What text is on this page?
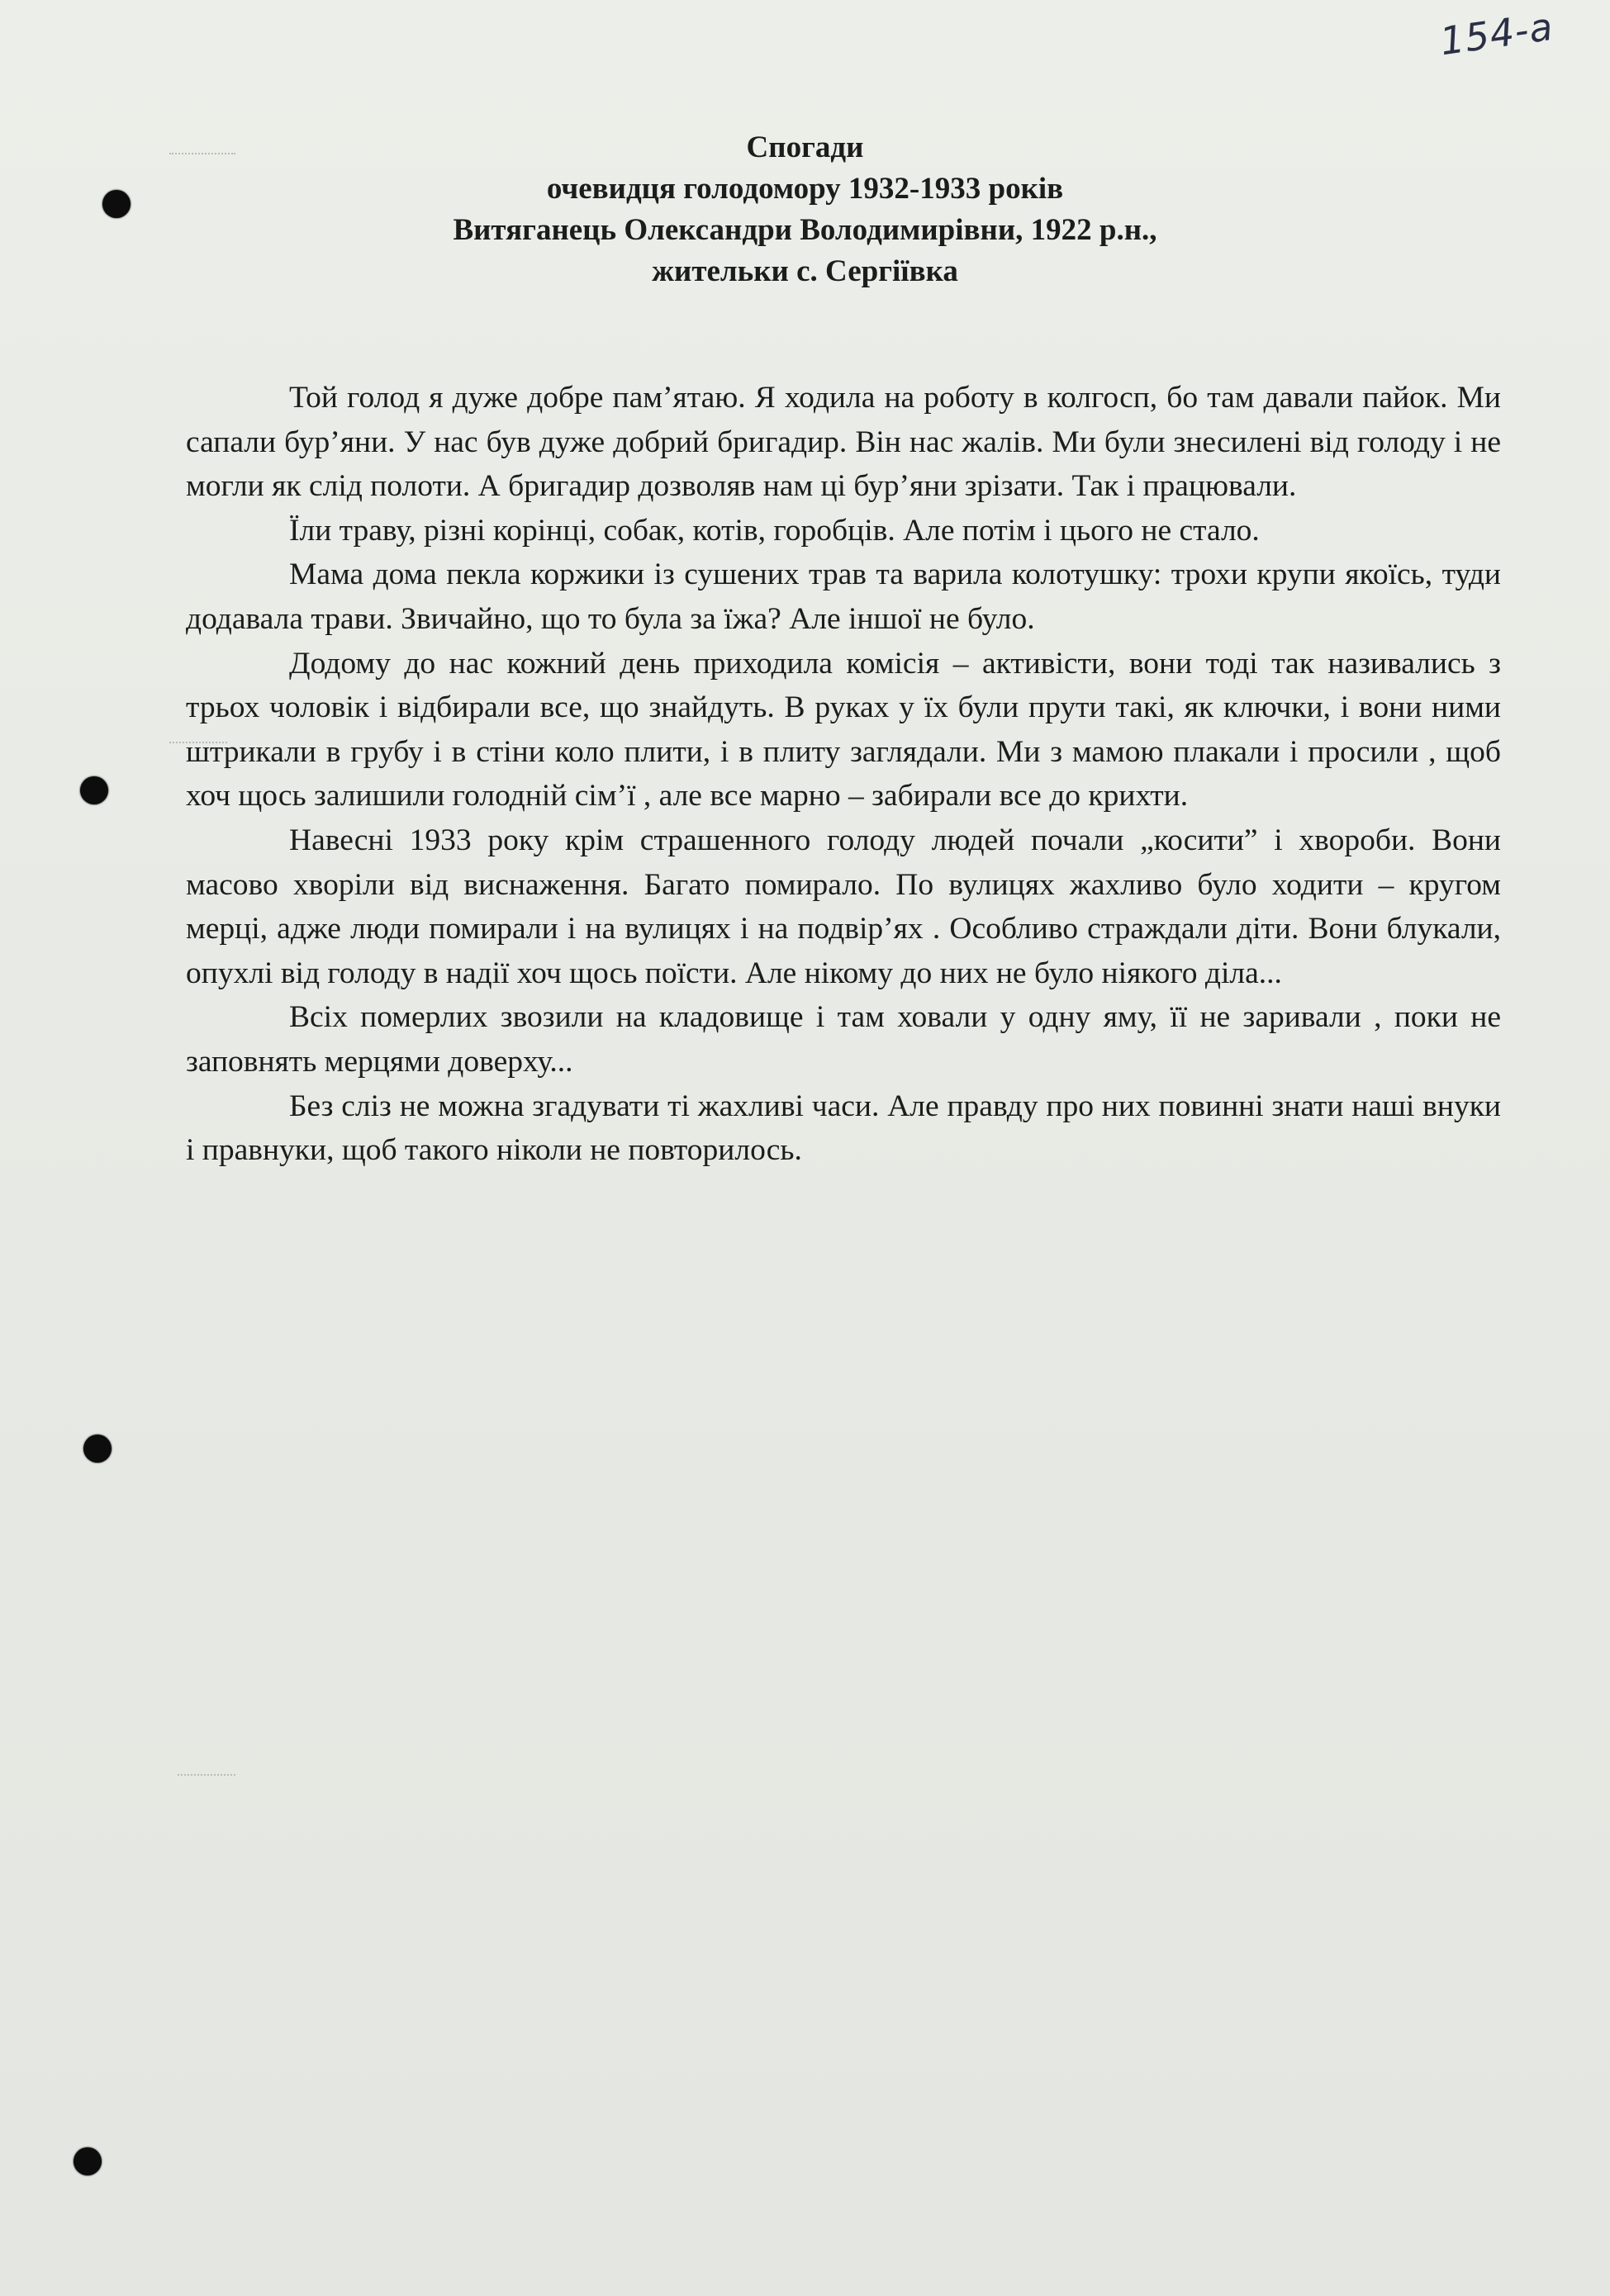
154-а
Спогади
очевидця голодомору 1932-1933 років
Витяганець Олександри Володимирівни, 1922 р.н.,
жительки с. Сергіївка

Той голод я дуже добре пам’ятаю. Я ходила на роботу в колгосп, бо там давали пайок. Ми сапали бур’яни. У нас був дуже добрий бригадир. Він нас жалів. Ми були знесилені від голоду і не могли як слід полоти. А бригадир дозволяв нам ці бур’яни зрізати. Так і працювали.

Їли траву, різні корінці, собак, котів, горобців. Але потім і цього не стало.

Мама дома пекла коржики із сушених трав та варила колотушку: трохи крупи якоїсь, туди додавала трави. Звичайно, що то була за їжа? Але іншої не було.

Додому до нас кожний день приходила комісія – активісти, вони тоді так називались з трьох чоловік і відбирали все, що знайдуть. В руках у їх були прути такі, як ключки, і вони ними штрикали в грубу і в стіни коло плити, і в плиту заглядали. Ми з мамою плакали і просили , щоб хоч щось залишили голодній сім’ї , але все марно – забирали все до крихти.

Навесні 1933 року крім страшенного голоду людей почали „косити” і хвороби. Вони масово хворіли від виснаження. Багато помирало. По вулицях жахливо було ходити – кругом мерці, адже люди помирали і на вулицях і на подвір’ях . Особливо страждали діти. Вони блукали, опухлі від голоду в надії хоч щось поїсти. Але нікому до них не було ніякого діла...

Всіх померлих звозили на кладовище і там ховали у одну яму, її не заривали , поки не заповнять мерцями доверху...

Без сліз не можна згадувати ті жахливі часи. Але правду про них повинні знати наші внуки і правнуки, щоб такого ніколи не повторилось.
